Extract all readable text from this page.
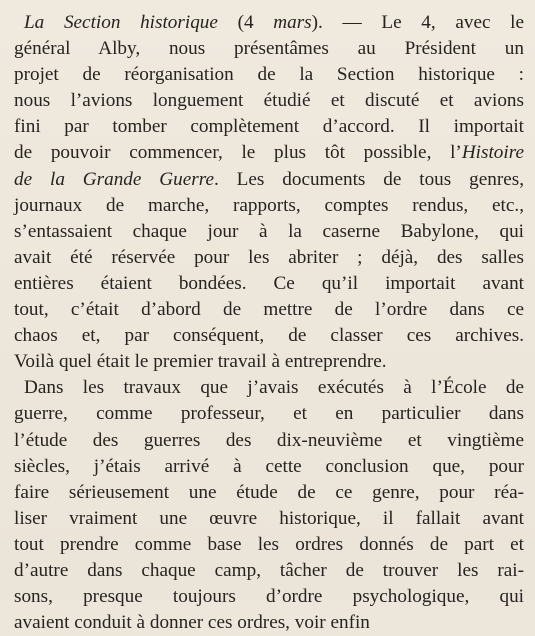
La Section historique (4 mars). — Le 4, avec le
général Alby, nous présentâmes au Président un
projet de réorganisation de la Section historique :
nous l’avions longuement étudié et discuté et avions
fini par tomber complètement d’accord. Il importait
de pouvoir commencer, le plus tôt possible, l’Histoire
de la Grande Guerre. Les documents de tous genres,
journaux de marche, rapports, comptes rendus, etc.,
s’entassaient chaque jour à la caserne Babylone, qui
avait été réservée pour les abriter ; déjà, des salles
entières étaient bondées. Ce qu’il importait avant
tout, c’était d’abord de mettre de l’ordre dans ce
chaos et, par conséquent, de classer ces archives.
Voilà quel était le premier travail à entreprendre.
Dans les travaux que j’avais exécutés à l’École de
guerre, comme professeur, et en particulier dans
l’étude des guerres des dix-neuvième et vingtième
siècles, j’étais arrivé à cette conclusion que, pour
faire sérieusement une étude de ce genre, pour réa-
liser vraiment une œuvre historique, il fallait avant
tout prendre comme base les ordres donnés de part et
d’autre dans chaque camp, tâcher de trouver les rai-
sons, presque toujours d’ordre psychologique, qui
avaient conduit à donner ces ordres, voir enfin
